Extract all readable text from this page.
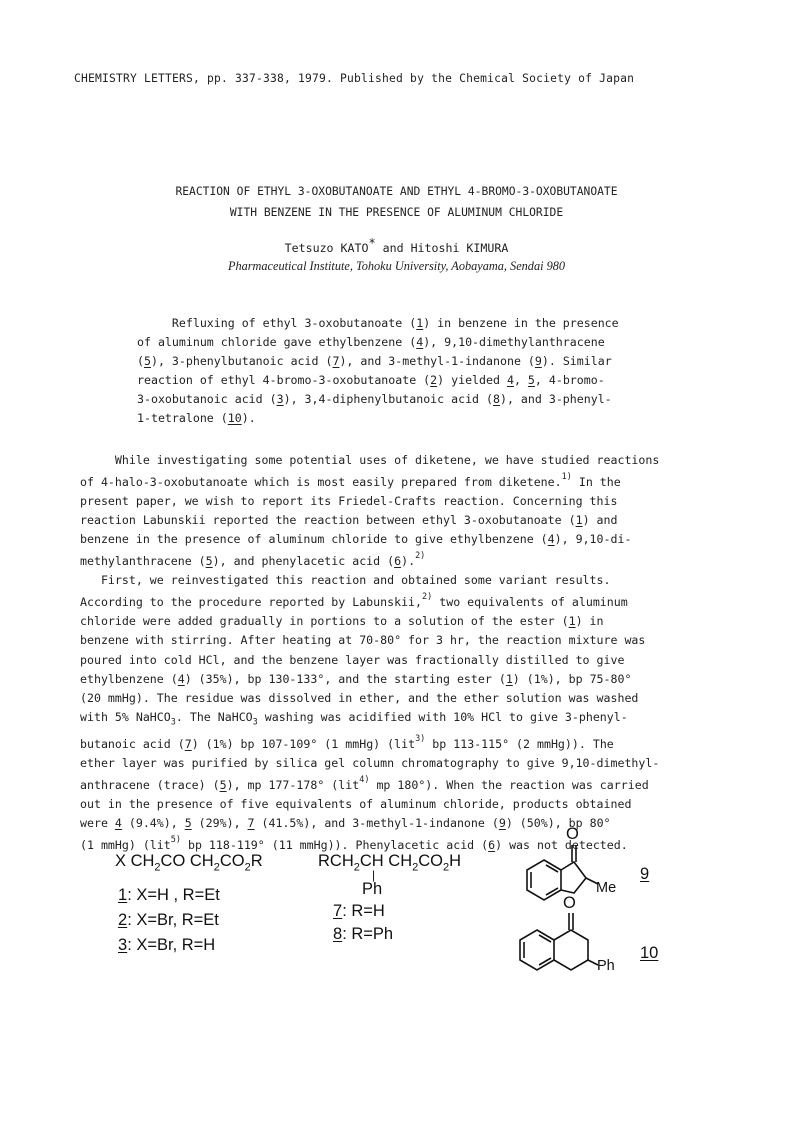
CHEMISTRY LETTERS, pp. 337-338, 1979. Published by the Chemical Society of Japan
REACTION OF ETHYL 3-OXOBUTANOATE AND ETHYL 4-BROMO-3-OXOBUTANOATE
WITH BENZENE IN THE PRESENCE OF ALUMINUM CHLORIDE
Tetsuzo KATO* and Hitoshi KIMURA
Pharmaceutical Institute, Tohoku University, Aobayama, Sendai 980
Refluxing of ethyl 3-oxobutanoate (1) in benzene in the presence
of aluminum chloride gave ethylbenzene (4), 9,10-dimethylanthracene
(5), 3-phenylbutanoic acid (7), and 3-methyl-1-indanone (9). Similar
reaction of ethyl 4-bromo-3-oxobutanoate (2) yielded 4, 5, 4-bromo-
3-oxobutanoic acid (3), 3,4-diphenylbutanoic acid (8), and 3-phenyl-
1-tetralone (10).
While investigating some potential uses of diketene, we have studied reactions
of 4-halo-3-oxobutanoate which is most easily prepared from diketene.$^{1)}$ In the
present paper, we wish to report its Friedel-Crafts reaction. Concerning this
reaction Labunskii reported the reaction between ethyl 3-oxobutanoate (1) and
benzene in the presence of aluminum chloride to give ethylbenzene (4), 9,10-di-
methylanthracene (5), and phenylacetic acid (6).$^{2)}$
First, we reinvestigated this reaction and obtained some variant results.
According to the procedure reported by Labunskii,$^{2)}$ two equivalents of aluminum
chloride were added gradually in portions to a solution of the ester (1) in
benzene with stirring. After heating at 70-80° for 3 hr, the reaction mixture was
poured into cold HCl, and the benzene layer was fractionally distilled to give
ethylbenzene (4) (35%), bp 130-133°, and the starting ester (1) (1%), bp 75-80°
(20 mmHg). The residue was dissolved in ether, and the ether solution was washed
with 5% NaHCO$_3$. The NaHCO$_3$ washing was acidified with 10% HCl to give 3-phenyl-
butanoic acid (7) (1%) bp 107-109° (1 mmHg) (lit$^{3)}$ bp 113-115° (2 mmHg)). The
ether layer was purified by silica gel column chromatography to give 9,10-dimethyl-
anthracene (trace) (5), mp 177-178° (lit$^{4)}$ mp 180°). When the reaction was carried
out in the presence of five equivalents of aluminum chloride, products obtained
were 4 (9.4%), 5 (29%), 7 (41.5%), and 3-methyl-1-indanone (9) (50%), bp 80°
(1 mmHg) (lit$^{5)}$ bp 118-119° (11 mmHg)). Phenylacetic acid (6) was not detected.
X $CH_2CO$ $CH_2CO_2R$
1: X=H , R=Et
2: X=Br, R=Et
3: X=Br, R=H
$RCH_2CH$ $CH_2CO_2H$
|
Ph
7: R=H
8: R=Ph
O
Me
9
O
Ph
10
